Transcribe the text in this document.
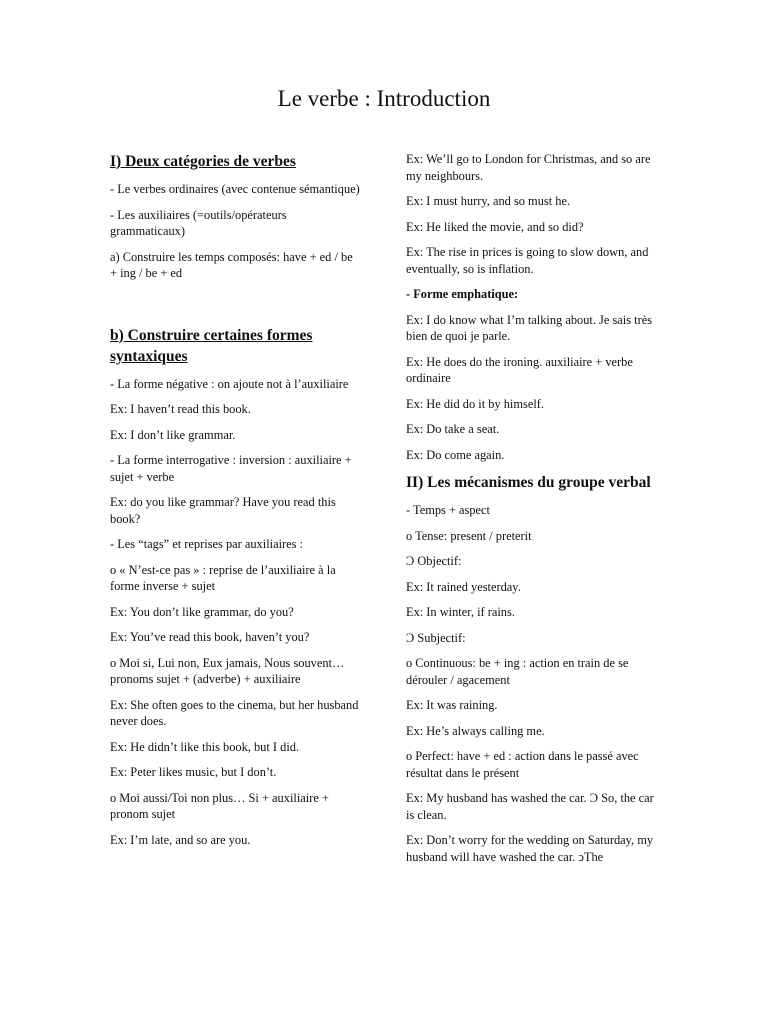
Le verbe : Introduction
I) Deux catégories de verbes

- Le verbes ordinaires (avec contenue sémantique)

- Les auxiliaires (=outils/opérateurs grammaticaux)

a) Construire les temps composés: have + ed / be + ing / be + ed

b) Construire certaines formes syntaxiques

- La forme négative : on ajoute not à l’auxiliaire

Ex: I haven’t read this book.

Ex: I don’t like grammar.

- La forme interrogative : inversion : auxiliaire + sujet + verbe

Ex: do you like grammar? Have you read this book?

- Les “tags” et reprises par auxiliaires :

o « N’est-ce pas » : reprise de l’auxiliaire à la forme inverse + sujet

Ex: You don’t like grammar, do you?

Ex: You’ve read this book, haven’t you?

o Moi si, Lui non, Eux jamais, Nous souvent… pronoms sujet + (adverbe) + auxiliaire

Ex: She often goes to the cinema, but her husband never does.

Ex: He didn’t like this book, but I did.

Ex: Peter likes music, but I don’t.

o Moi aussi/Toi non plus… Si + auxiliaire + pronom sujet

Ex: I’m late, and so are you.

Ex: We’ll go to London for Christmas, and so are my neighbours.

Ex: I must hurry, and so must he.

Ex: He liked the movie, and so did?

Ex: The rise in prices is going to slow down, and eventually, so is inflation.

- Forme emphatique:

Ex: I do know what I’m talking about. Je sais très bien de quoi je parle.

Ex: He does do the ironing. auxiliaire + verbe ordinaire

Ex: He did do it by himself.

Ex: Do take a seat.

Ex: Do come again.

II) Les mécanismes du groupe verbal

- Temps + aspect

o Tense: present / preterit

Ͻ Objectif:

Ex: It rained yesterday.

Ex: In winter, if rains.

Ͻ Subjectif:

o Continuous: be + ing : action en train de se dérouler / agacement

Ex: It was raining.

Ex: He’s always calling me.

o Perfect: have + ed : action dans le passé avec résultat dans le présent

Ex: My husband has washed the car. Ͻ So, the car is clean.

Ex: Don’t worry for the wedding on Saturday, my husband will have washed the car. ͻThe
